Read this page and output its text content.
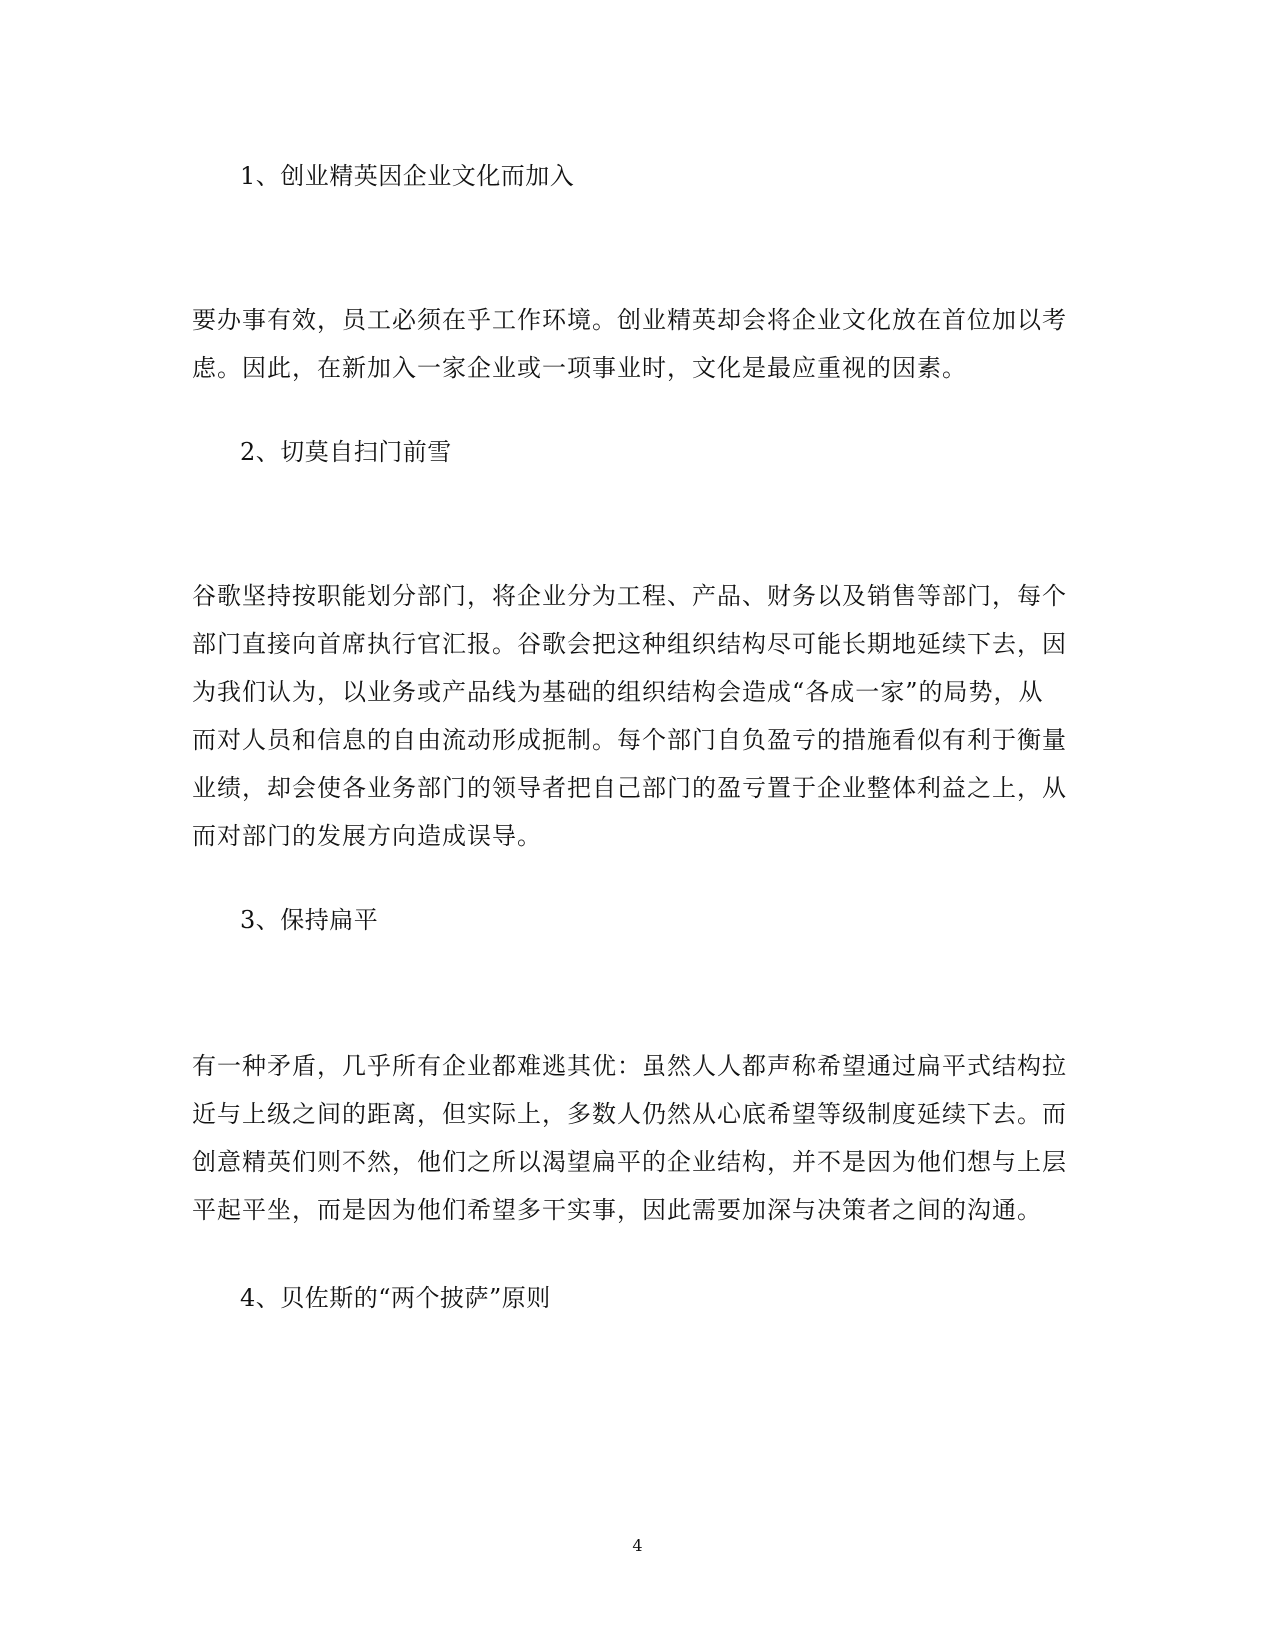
1、创业精英因企业文化而加入
要办事有效，员工必须在乎工作环境。创业精英却会将企业文化放在首位加以考
虑。因此，在新加入一家企业或一项事业时，文化是最应重视的因素。
2、切莫自扫门前雪
谷歌坚持按职能划分部门，将企业分为工程、产品、财务以及销售等部门，每个
部门直接向首席执行官汇报。谷歌会把这种组织结构尽可能长期地延续下去，因
为我们认为，以业务或产品线为基础的组织结构会造成“各成一家”的局势，从
而对人员和信息的自由流动形成扼制。每个部门自负盈亏的措施看似有利于衡量
业绩，却会使各业务部门的领导者把自己部门的盈亏置于企业整体利益之上，从
而对部门的发展方向造成误导。
3、保持扁平
有一种矛盾，几乎所有企业都难逃其优：虽然人人都声称希望通过扁平式结构拉
近与上级之间的距离，但实际上，多数人仍然从心底希望等级制度延续下去。而
创意精英们则不然，他们之所以渴望扁平的企业结构，并不是因为他们想与上层
平起平坐，而是因为他们希望多干实事，因此需要加深与决策者之间的沟通。
4、贝佐斯的“两个披萨”原则
4
